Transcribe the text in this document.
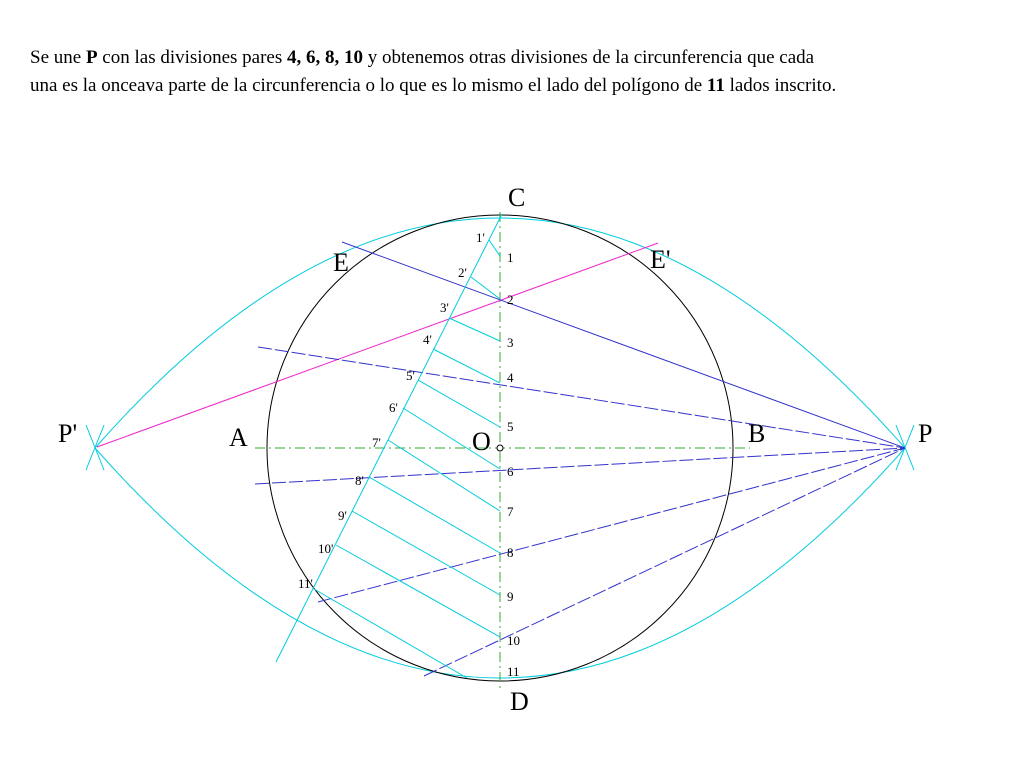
Se une P con las divisiones pares 4, 6, 8, 10 y obtenemos otras divisiones de la circunferencia que cada
una es la onceava parte de la circunferencia o lo que es lo mismo el lado del polígono de 11 lados inscrito.
C
D
E	E'
A	B
O	P
P'
1
2
3
4
5
6
7
8
9
10
11
1'
2'
3'
4'
5'
6'
7'
8'
9'
10'
11'
